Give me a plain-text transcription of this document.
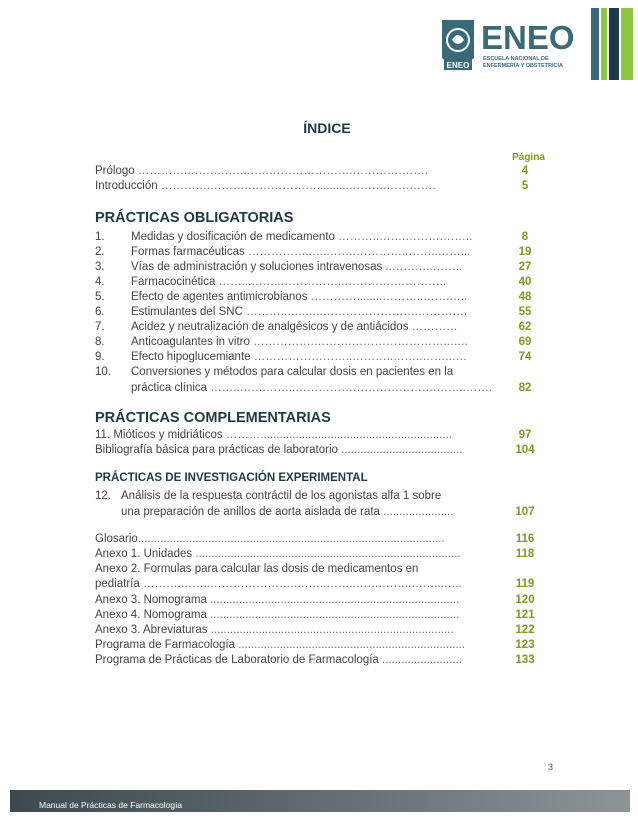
ENEO
ENEO
ESCUELA NACIONAL DE
ENFERMERÍA Y OBSTETRICIA
ÍNDICE
Página
Prólogo ………….…….…….….….………………….………….…….	4
Introducción ………….……….………………..........……….………….	5
PRÁCTICAS OBLIGATORIAS
1.	Medidas y dosificación de medicamento ………..…….……….……..	8
2.	Formas farmacéuticas ……………..…..…….…………..……..……...	19
3.	Vías de administración y soluciones intravenosas ..………..……..	27
4.	Farmacocinética ……...……..……………..………….…………..	40
5.	Efecto de agentes antimicrobianos …………........………..…….…..	48
6.	Estimulantes del SNC ………..…..…..…………………….………….	55
7.	Acidez y neutralización de analgésicos y de antiácidos …………	62
8.	Anticoagulantes in vitro …………….……….……………………..…..	69
9.	Efecto hipoglucemiante ……………………..………..……..……..….	74
10.	Conversiones y métodos para calcular dosis en pacientes en la
práctica clínica ……..…….……..……………………………….……..…….	82
PRÁCTICAS COMPLEMENTARIAS
11. Mióticos y midriáticos ………............................................................	97
Bibliografía básica para prácticas de laboratorio ......................................	104
PRÁCTICAS DE INVESTIGACIÓN EXPERIMENTAL
12. Análisis de la respuesta contráctil de los agonistas alfa 1 sobre
una preparación de anillos de aorta aislada de rata ......................	107
Glosario................................................................................................	116
Anexo 1. Unidades ...................................................................................	118
Anexo 2. Formulas para calcular las dosis de medicamentos en
pediatría ……….……..…………………..……..……..…….……..……...…..	119
Anexo 3. Nomograma ..............................................................................	120
Anexo 4. Nomograma ..............................................................................	121
Anexo 3. Abreviaturas ............................................................................	122
Programa de Farmacología .......................................................................	123
Programa de Prácticas de Laboratorio de Farmacología .........................	133
3
Manual de Prácticas de Farmacología
